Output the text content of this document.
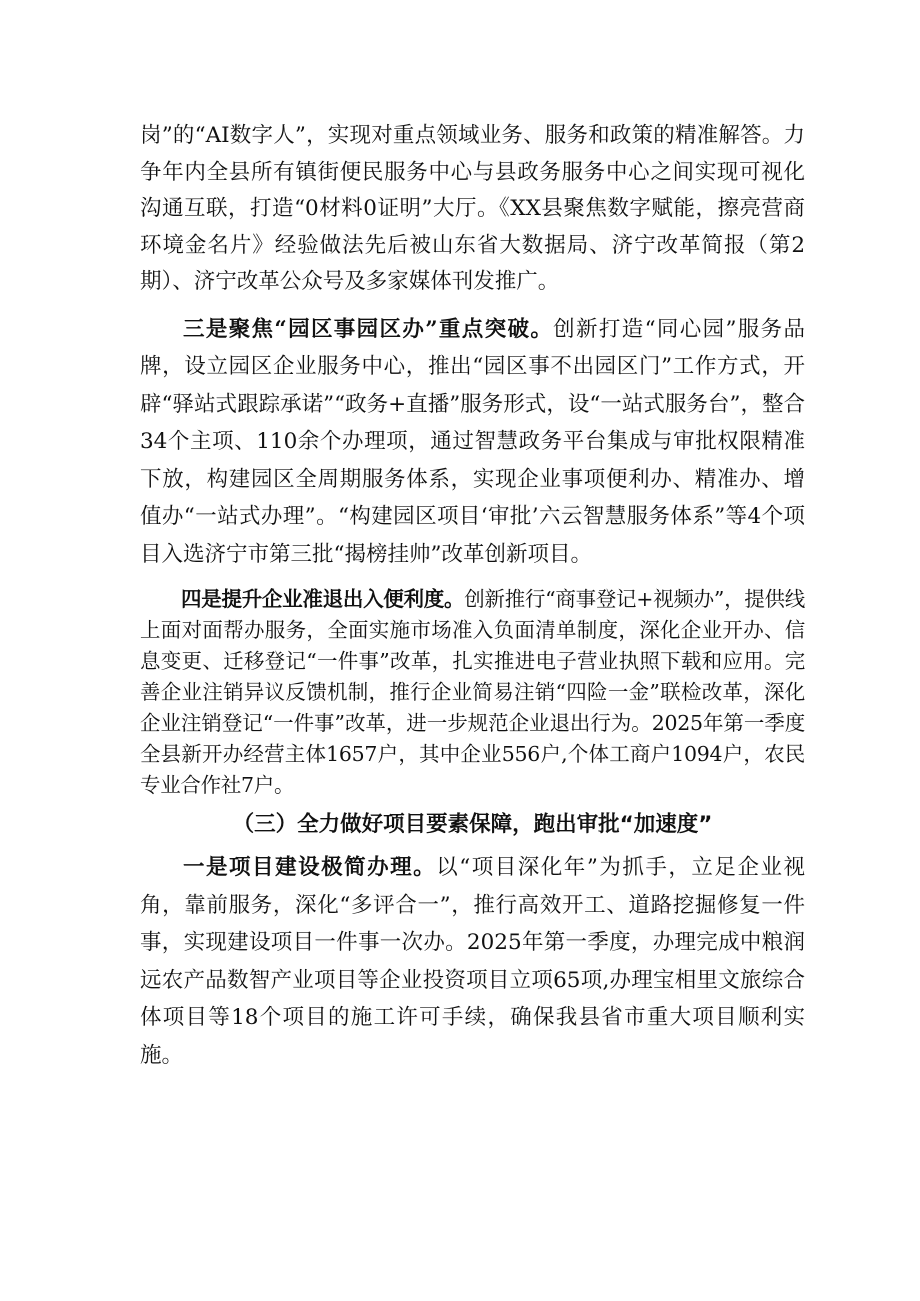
岗”的“AI数字人”，实现对重点领域业务、服务和政策的精准解答。力争年内全县所有镇街便民服务中心与县政务服务中心之间实现可视化沟通互联，打造“0材料0证明”大厅。《XX县聚焦数字赋能，擦亮营商环境金名片》经验做法先后被山东省大数据局、济宁改革简报（第2期）、济宁改革公众号及多家媒体刊发推广。

三是聚焦“园区事园区办”重点突破。创新打造“同心园”服务品牌，设立园区企业服务中心，推出“园区事不出园区门”工作方式，开辟“驿站式跟踪承诺”“政务+直播”服务形式，设“一站式服务台”，整合34个主项、110余个办理项，通过智慧政务平台集成与审批权限精准下放，构建园区全周期服务体系，实现企业事项便利办、精准办、增值办“一站式办理”。“构建园区项目‘审批’六云智慧服务体系”等4个项目入选济宁市第三批“揭榜挂帅”改革创新项目。

四是提升企业准退出入便利度。创新推行“商事登记+视频办”，提供线上面对面帮办服务，全面实施市场准入负面清单制度，深化企业开办、信息变更、迁移登记“一件事”改革，扎实推进电子营业执照下载和应用。完善企业注销异议反馈机制，推行企业简易注销“四险一金”联检改革，深化企业注销登记“一件事”改革，进一步规范企业退出行为。2025年第一季度全县新开办经营主体1657户，其中企业556户,个体工商户1094户，农民专业合作社7户。

（三）全力做好项目要素保障，跑出审批“加速度”

一是项目建设极简办理。以“项目深化年”为抓手，立足企业视角，靠前服务，深化“多评合一”，推行高效开工、道路挖掘修复一件事，实现建设项目一件事一次办。2025年第一季度，办理完成中粮润远农产品数智产业项目等企业投资项目立项65项,办理宝相里文旅综合体项目等18个项目的施工许可手续，确保我县省市重大项目顺利实施。
